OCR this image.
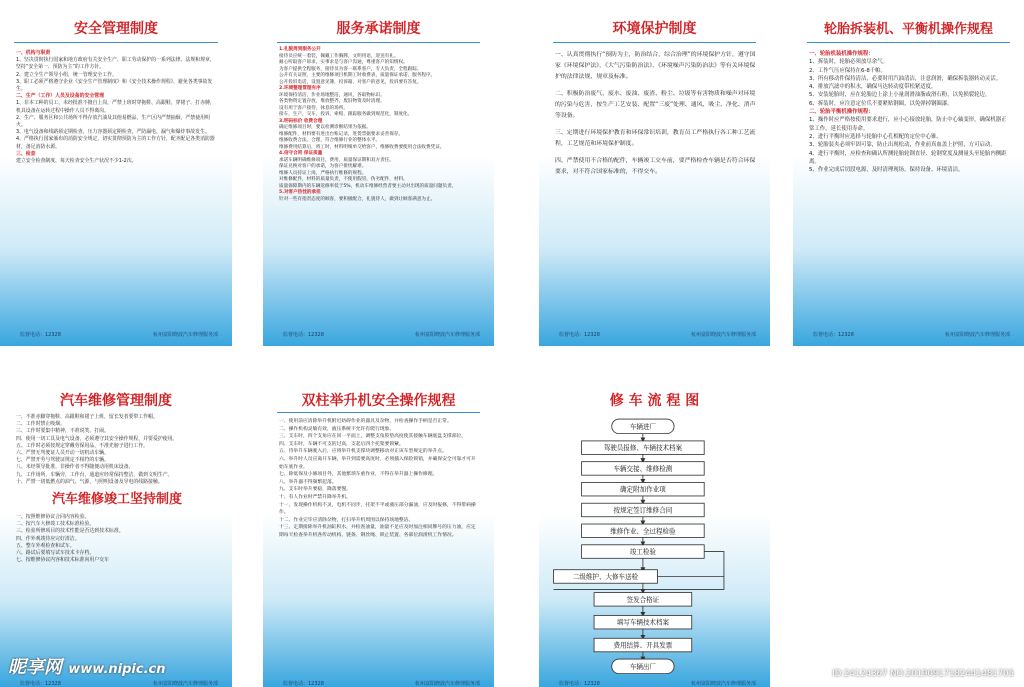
安全管理制度

一、机构与职责

1、坚决贯彻执行国家和地方政府有关安全生产、职工劳动保护的一系列法律、法规和规章，坚持“安全第一、预防为主”的工作方针。

2、建立全生产领导小组，统一管理安全工作。

3、职工必须严格遵守企业《安全生产管理制度》和《安全技术操作规程》，避免各类事故发生。

二、生产（工作）人员及设备的安全管理

1、非本工种的员工，未经批准不擅自上岗，严禁上班时穿拖鞋、高跟鞋，穿裙子、打赤膊，机具设备在运转过程中操作人员不得离岗。

2、生产、服务区和公共场所不得存放汽油及其他易燃品，生产区内严禁抽烟，严禁使用明火。

3、电气设备和线路须定期检查，压力容器须定期检查，严防漏电、漏气和爆炸事故发生。

4、严格执行国家颁布的消防安全规定，切实贯彻预防为主的工作方针，配齐配足各类消防器材，备足消防水源。

三、检查

建立安全检查制度，每天检查安全生产状况不少1-2次。

监督电话：12328	杭州富阳晓波汽车修理服务部
服务承诺制度

1.礼貌周到服务公开

接待员应统一着装，佩戴工作胸牌，文明用语，迎送有礼。

耐心听取客户诉求，实事求是与客户沟通，尊重客户的知情权。

为客户提供全程服务，接待员为客一联系客户，专人负责，全程跟踪。

公开有关证照，主要的维修项目机期工时收费表，质量保证承诺，服务程序。

公开投诉电话，设置意见簿，投诉箱，对客户的意见，投诉要有答复。

2.环境整理管理有序

环境保持清洁，作业场地整洁，通风，各取物标识。

各类物资定置存放，堆放整齐，废旧物资及时清理。

设有用于客户接待，休息的场所。

接车，生产，交车，投诉，索赔，跟踪服务做到规范化，制度化。

3.明码标价 收费合理

确定维修项目时，要以检测诊断结果为依据。

维修配件，材料要有进出台账记录，进货票据要求妥善保存。

维修收费合法，合理，符合维修行业的整体水平。

维修费用结算后，将工时，材料明细单交给客户，维修收费要使用合法收费凭证。

4.信守合同 保证质量

承诺车辆明确维修项目，费用，质量保证期和双方责任。

保证兑换对客户的承诺，为客户排忧解难。

维修人员持证上岗，严格执行维修的规程。

对维修配件，材料的质量负责，不使用假冒，伪劣配件，材料。

质量保障期内的车辆返修率低于5%，机动车维修经营者要主动对出现的质量问题负责。

5.对客户热忱的承担

针对一些有指责态度的顾客，要积极配合，礼貌待人，做到让顾客满意为止。

监督电话：12328	杭州富阳晓波汽车修理服务部
环境保护制度

一、认真贯彻执行“预防为主，防治结合，综合治理”的环境保护方针，遵守国家《环境保护法》，《大气污染防治法》，《环境噪声污染防治法》等有关环境保护的法律法规、规章及标准。

二、积极防治废气、废水、废油、废渣、粉尘、垃圾等有害物质和噪声对环境的污染与危害，按生产工艺安装、配置“三废”处理、通风、吸尘、净化、消声等设备。

三、定期进行环境保护教育和环保常识培训，教育员工严格执行各工种工艺流程，工艺规范和环境保护制度。

四、严禁使用不合格的配件，车辆竣工交车前，要严格检查车辆是否符合环保要求，对不符合国家标准的，不得交车。

监督电话：12328	杭州富阳晓波汽车修理服务部
轮胎拆装机、平衡机操作规程

一、轮胎机装机操作规程：

1、拆装时，轮胎必须放尽余气。

2、工作气压应保持在6-8千帕。

3、所有移动件保持清洁，必要时用汽油清洁，注意润滑，确保拆装器转动灵活。

4、排放汽滤中的积水，确保马达转动度带松紧适度。

5、安装轮胎时，应在轮胎边上涂上小量润滑油脂或滑石粉，以免损裂轮边。

6、拆装时，应注意定位爪不要紧贴钢圈，以免弹掉钢圈漆。

二、轮胎平衡机操作规程：

1、操作时应严格按使用要求进行，应小心接放轮胎，防止中心轴变形，确保机器正常工作，延长使用寿命。

2、进行平衡时应选择与轮胎中心孔相配的定位中心锥。

3、轮胎装夹必须牢固可靠，防止出现松动，作业前真血盖上护照，方可启动。

4、进行平衡时，应检查和确认所测轮胎轮钢直径、轮钢宽度及测量头至轮胎内侧距离。

5、作业完成后切段电源，及时清理现场，保持设备、环境清洁。

监督电话：12328	杭州富阳晓波汽车修理服务部
汽车维修管理制度

一、不准赤脚穿拖鞋、高跟鞋和裙子上班，留长发者要带工作帽。

二、工作时禁止吸烟。

三、工作时要集中精神，不准说笑、打闹。

四、使用一切工具及电气设备，必须遵守其安全操作规程，并要爱护使用。

五、工作时必须按规定穿戴劳保用品，不准光膀子进行工作。

六、严禁无驾驶证人员开动一切机动车辆。

七、严禁开劳与驾驶证规定不相符的车辆。

八、未经领导批准，非操作者不得随便动用机床设备。

九、工作场所，车辆旁，工作台，通道应经常保持整洁，做到文明生产。

十、严禁一切低燃点的油气、气源，与照明设备及导电的线路接触。

汽车维修竣工坚持制度

一、按照维修协议合同内容检验。

二、按汽车大修竣工技术标准检验。

三、检验所修项目的技术性能是否达到技术标准。

四、作外观竣待应完好清洁。

五、整车外观检查和试车。

六、路试后要填写试车技术卡存档。

七、按维修协议内容和技术标准向用户交车

监督电话：12328	杭州富阳晓波汽车修理服务部
双柱举升机安全操作规程

一、使用前应清除举升机附近妨碍作业的器具及杂物，并检查操作手柄是否正常。

二、操作机构灵敏有效，液压系统不允许有爬行现象。

三、支车时，四个支角应在同一平面上，调整支角胶垫高度使其接触车辆底盘支撑部位。

四、支车时，车辆不可支的过高，支起后四个托架要锁紧。

五、待举升车辆驶入后，应将举升机支撑块调整移动对正该车型规定的举升点。

六、举升时人员应离开车辆，举升到需要高度时，必须插入保险锁销，并确保安全可靠才可开始车底作业。

七、除低保及小修项目外，其他繁琐车重作业，不得在举升器上操作修理。

八、举升器不得频繁起落。

九、支车时举升要稳，降落要慢。

十、有人作业时严禁升降举升机。

十一、发现操作机构不灵，电机不同步，托架不平或液压部分漏油，应及时报修，不得带病操作。

十二、作业完毕应清除杂物，打扫举升机周围以保持场地整洁。

十三、定期排除举升机油缸积水，并检查油量，油量不足应及时加注相同牌号的压力油，应定期每天检查举升机各传动机构、链条、钢丝绳、锁止装置、各部位润滑机工作情况。

监督电话：12328	杭州富阳晓波汽车修理服务部
修 车 流 程 图
车辆进厂
驾驶员报修、车辆技术档案
车辆交接、维修检测
确定附加作业项
按规定签订维修合同
维修作业、全过程检验
竣工检验
二级维护、大修车送检
签发合格证
填写车辆技术档案
费用结算、开具发票
车辆出厂
监督电话：12328	杭州富阳晓波汽车修理服务部
昵享网 www.nipic.cn	ID:24124367 NO:20190917182441481705
